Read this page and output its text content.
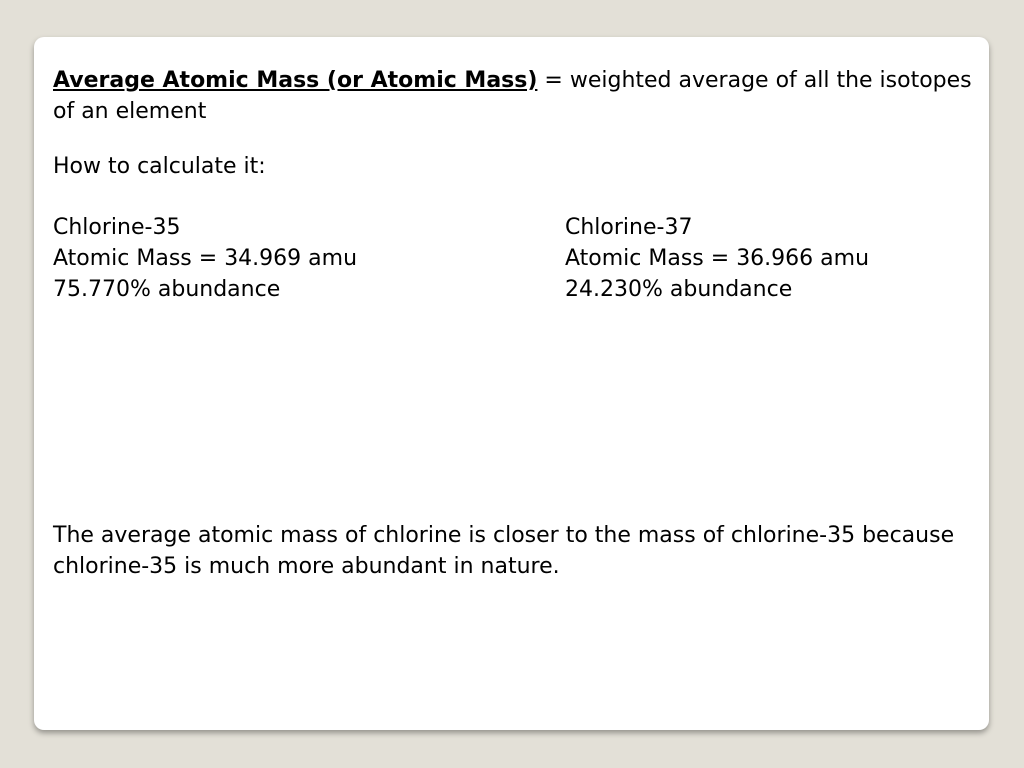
Average Atomic Mass (or Atomic Mass) = weighted average of all the isotopes of an element
How to calculate it:
Chlorine-35
Atomic Mass = 34.969 amu
75.770% abundance
Chlorine-37
Atomic Mass = 36.966 amu
24.230% abundance
The average atomic mass of chlorine is closer to the mass of chlorine-35 because chlorine-35 is much more abundant in nature.
